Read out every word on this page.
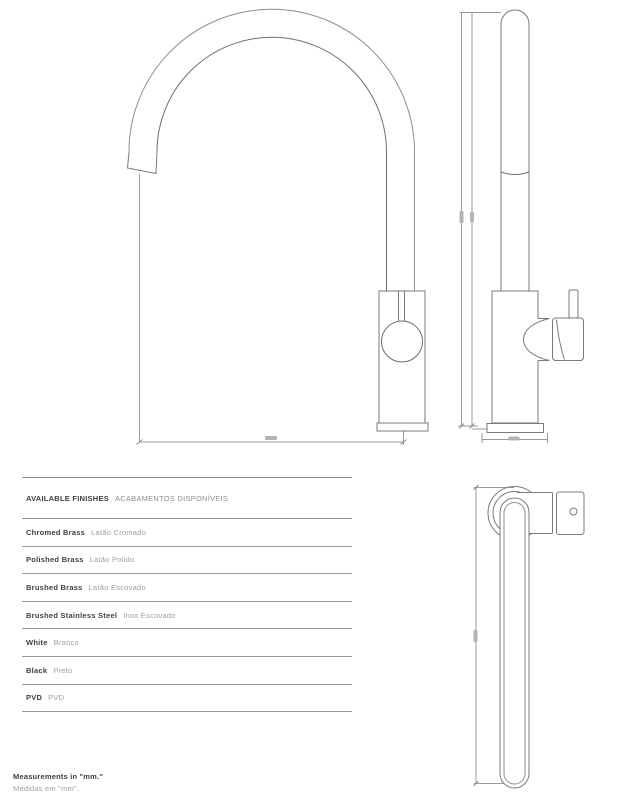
AVAILABLE FINISHES ACABAMENTOS DISPONÍVEIS
Chromed Brass Latão Cromado
Polished Brass Latão Polido
Brushed Brass Latão Escovado
Brushed Stainless Steel Inox Escovado
White Branco
Black Preto
PVD PVD
Measurements in "mm."
Medidas em "mm".
